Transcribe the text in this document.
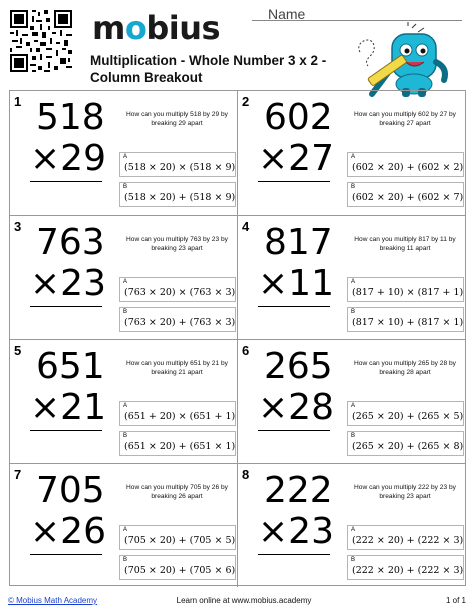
mobius	Name
Multiplication - Whole Number 3 x 2 - Column Breakout
1 518
×29
How can you multiply 518 by 29 by breaking 29 apart
A
(518 × 20) × (518 × 9)
B
(518 × 20) + (518 × 9)
2 602
×27
How can you multiply 602 by 27 by breaking 27 apart
A
(602 × 20) + (602 × 2)
B
(602 × 20) + (602 × 7)
3 763
×23
How can you multiply 763 by 23 by breaking 23 apart
A
(763 × 20) × (763 × 3)
B
(763 × 20) + (763 × 3)
4 817
×11
How can you multiply 817 by 11 by breaking 11 apart
A
(817 + 10) × (817 + 1)
B
(817 × 10) + (817 × 1)
5 651
×21
How can you multiply 651 by 21 by breaking 21 apart
A
(651 + 20) × (651 + 1)
B
(651 × 20) + (651 × 1)
6 265
×28
How can you multiply 265 by 28 by breaking 28 apart
A
(265 × 20) + (265 × 5)
B
(265 × 20) + (265 × 8)
7 705
×26
How can you multiply 705 by 26 by breaking 26 apart
A
(705 × 20) + (705 × 5)
B
(705 × 20) + (705 × 6)
8 222
×23
How can you multiply 222 by 23 by breaking 23 apart
A
(222 × 20) + (222 × 3)
B
(222 × 20) + (222 × 3)
© Mobius Math Academy	Learn online at www.mobius.academy	1 of 1
